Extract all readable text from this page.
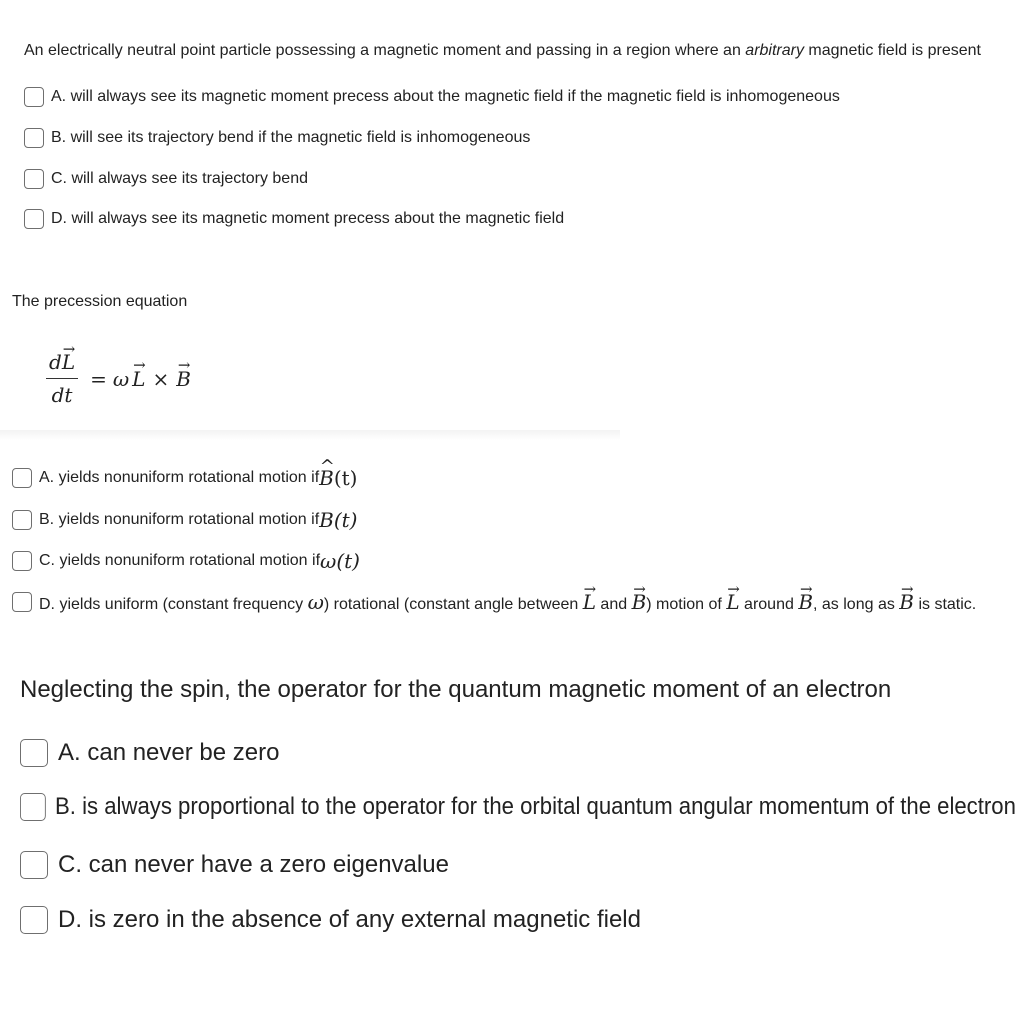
An electrically neutral point particle possessing a magnetic moment and passing in a region where an arbitrary magnetic field is present
A. will always see its magnetic moment precess about the magnetic field if the magnetic field is inhomogeneous
B. will see its trajectory bend if the magnetic field is inhomogeneous
C. will always see its trajectory bend
D. will always see its magnetic moment precess about the magnetic field
The precession equation
$\frac{d\to L}{dt} = \omega$
→ L ×
→ B
A. yields nonuniform rotational motion if
^ B(t)
B. yields nonuniform rotational motion if B(t)
C. yields nonuniform rotational motion if ω(t)
D. yields uniform (constant frequency ω) rotational (constant angle between → L and → B) motion of → L around → B, as long as → B is static.
Neglecting the spin, the operator for the quantum magnetic moment of an electron
A. can never be zero
B. is always proportional to the operator for the orbital quantum angular momentum of the electron
C. can never have a zero eigenvalue
D. is zero in the absence of any external magnetic field
